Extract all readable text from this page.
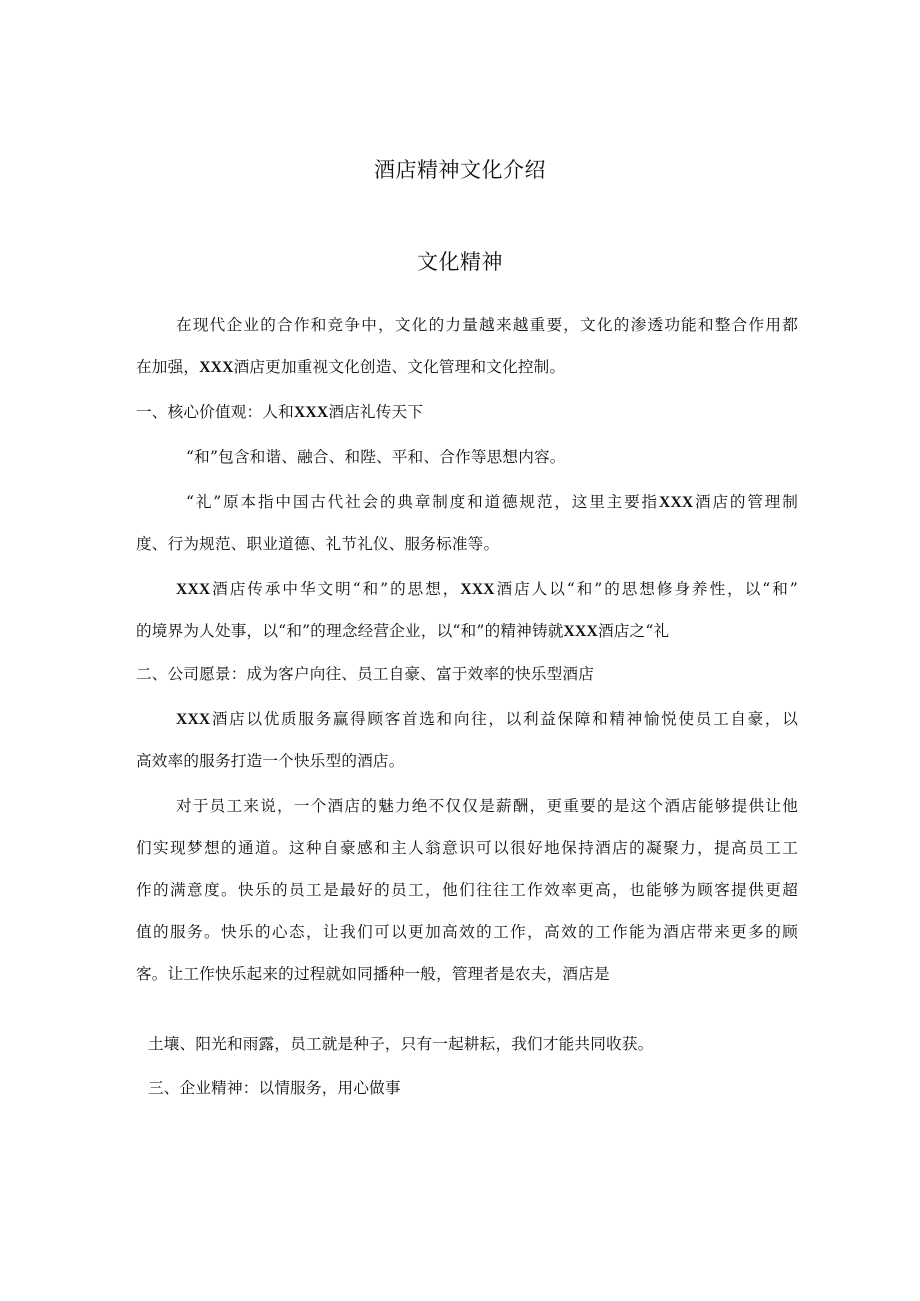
酒店精神文化介绍
文化精神

在现代企业的合作和竞争中，文化的力量越来越重要，文化的渗透功能和整合作用都

在加强，XXX酒店更加重视文化创造、文化管理和文化控制。

一、核心价值观：人和XXX酒店礼传天下

“和”包含和谐、融合、和陛、平和、合作等思想内容。

“礼”原本指中国古代社会的典章制度和道德规范，这里主要指XXX酒店的管理制

度、行为规范、职业道德、礼节礼仪、服务标准等。

XXX酒店传承中华文明“和”的思想，XXX酒店人以“和”的思想修身养性，以“和”

的境界为人处事，以“和”的理念经营企业，以“和”的精神铸就XXX酒店之“礼

二、公司愿景：成为客户向往、员工自豪、富于效率的快乐型酒店

XXX酒店以优质服务赢得顾客首选和向往，以利益保障和精神愉悦使员工自豪，以

高效率的服务打造一个快乐型的酒店。

对于员工来说，一个酒店的魅力绝不仅仅是薪酬，更重要的是这个酒店能够提供让他

们实现梦想的通道。这种自豪感和主人翁意识可以很好地保持酒店的凝聚力，提高员工工

作的满意度。快乐的员工是最好的员工，他们往往工作效率更高，也能够为顾客提供更超

值的服务。快乐的心态，让我们可以更加高效的工作，高效的工作能为酒店带来更多的顾

客。让工作快乐起来的过程就如同播种一般，管理者是农夫，酒店是

土壤、阳光和雨露，员工就是种子，只有一起耕耘，我们才能共同收获。

三、企业精神：以情服务，用心做事
